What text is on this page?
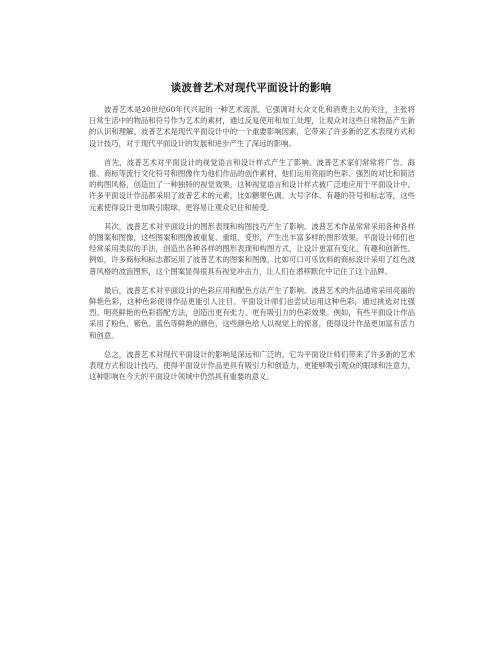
谈波普艺术对现代平面设计的影响

波普艺术是20世纪60年代兴起的一种艺术流派，它强调对大众文化和消费主义的关注，主张将日常生活中的物品和符号作为艺术的素材，通过反复使用和加工处理，让观众对这些日常物品产生新的认识和理解。波普艺术是现代平面设计中的一个重要影响因素，它带来了许多新的艺术表现方式和设计技巧，对于现代平面设计的发展和进步产生了深远的影响。

首先，波普艺术对平面设计的视觉语言和设计样式产生了影响。波普艺术家们常常将广告、海报、商标等流行文化符号和图像作为他们作品的创作素材，他们运用亮丽的色彩、强烈的对比和简洁的构图风格，创造出了一种独特的视觉效果，这种视觉语言和设计样式被广泛地应用于平面设计中。许多平面设计作品都采用了波普艺术的元素，比如糖果色调、大号字体、有趣的符号和标志等，这些元素使得设计更加吸引眼球，更容易让观众记住和接受。

其次，波普艺术对平面设计的图形表现和构图技巧产生了影响。波普艺术作品常常采用各种各样的图案和图像，这些图案和图像被重复、重组、变形，产生出丰富多样的图形效果。平面设计师们也经常采用类似的手法，创造出各种各样的图形表现和构图方式，让设计更富有变化、有趣和创新性。例如，许多商标和标志都运用了波普艺术的图案和图像，比如可口可乐饮料的商标设计采用了红色波普风格的波浪图形，这个图案显得很具有视觉冲击力，让人们在潜移默化中记住了这个品牌。

最后，波普艺术对平面设计的色彩应用和配色方法产生了影响。波普艺术的作品通常采用亮丽的鲜艳色彩，这种色彩使得作品更能引人注目。平面设计师们也尝试运用这种色彩，通过挑选对比强烈、明亮鲜艳的色彩搭配方法，创造出更有张力、更有吸引力的色彩效果。例如，有些平面设计作品采用了粉色、紫色、蓝色等鲜艳的颜色，这些颜色给人以视觉上的惊喜，使得设计作品更加富有活力和创意。

总之，波普艺术对现代平面设计的影响是深远和广泛的，它为平面设计师们带来了许多新的艺术表现方式和设计技巧，使得平面设计作品更具有吸引力和创造力，更能够吸引观众的眼球和注意力，这种影响在今天的平面设计领域中仍然具有重要的意义。
